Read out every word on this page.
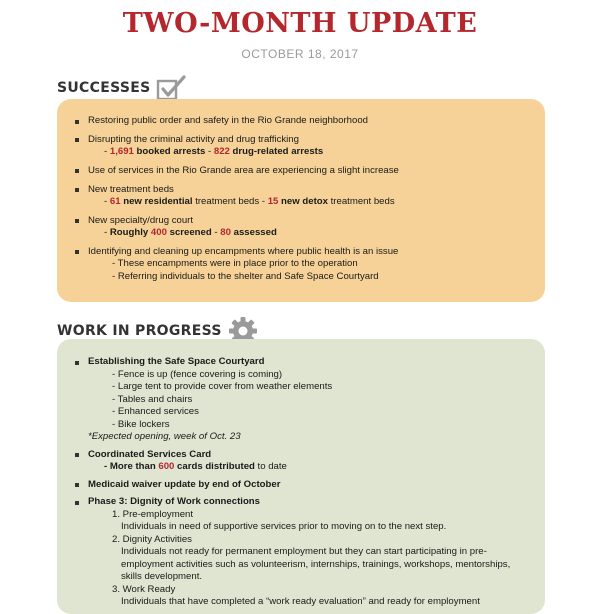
TWO-MONTH UPDATE
OCTOBER 18, 2017
SUCCESSES
Restoring public order and safety in the Rio Grande neighborhood
Disrupting the criminal activity and drug trafficking
- 1,691 booked arrests - 822 drug-related arrests
Use of services in the Rio Grande area are experiencing a slight increase
New treatment beds
- 61 new residential treatment beds - 15 new detox treatment beds
New specialty/drug court
- Roughly 400 screened - 80 assessed
Identifying and cleaning up encampments where public health is an issue
- These encampments were in place prior to the operation
- Referring individuals to the shelter and Safe Space Courtyard
WORK IN PROGRESS
Establishing the Safe Space Courtyard
- Fence is up (fence covering is coming)
- Large tent to provide cover from weather elements
- Tables and chairs
- Enhanced services
- Bike lockers
*Expected opening, week of Oct. 23
Coordinated Services Card
- More than 600 cards distributed to date
Medicaid waiver update by end of October
Phase 3: Dignity of Work connections
1. Pre-employment
Individuals in need of supportive services prior to moving on to the next step.
2. Dignity Activities
Individuals not ready for permanent employment but they can start participating in pre-employment activities such as volunteerism, internships, trainings, workshops, mentorships, skills development.
3. Work Ready
Individuals that have completed a “work ready evaluation” and ready for employment
